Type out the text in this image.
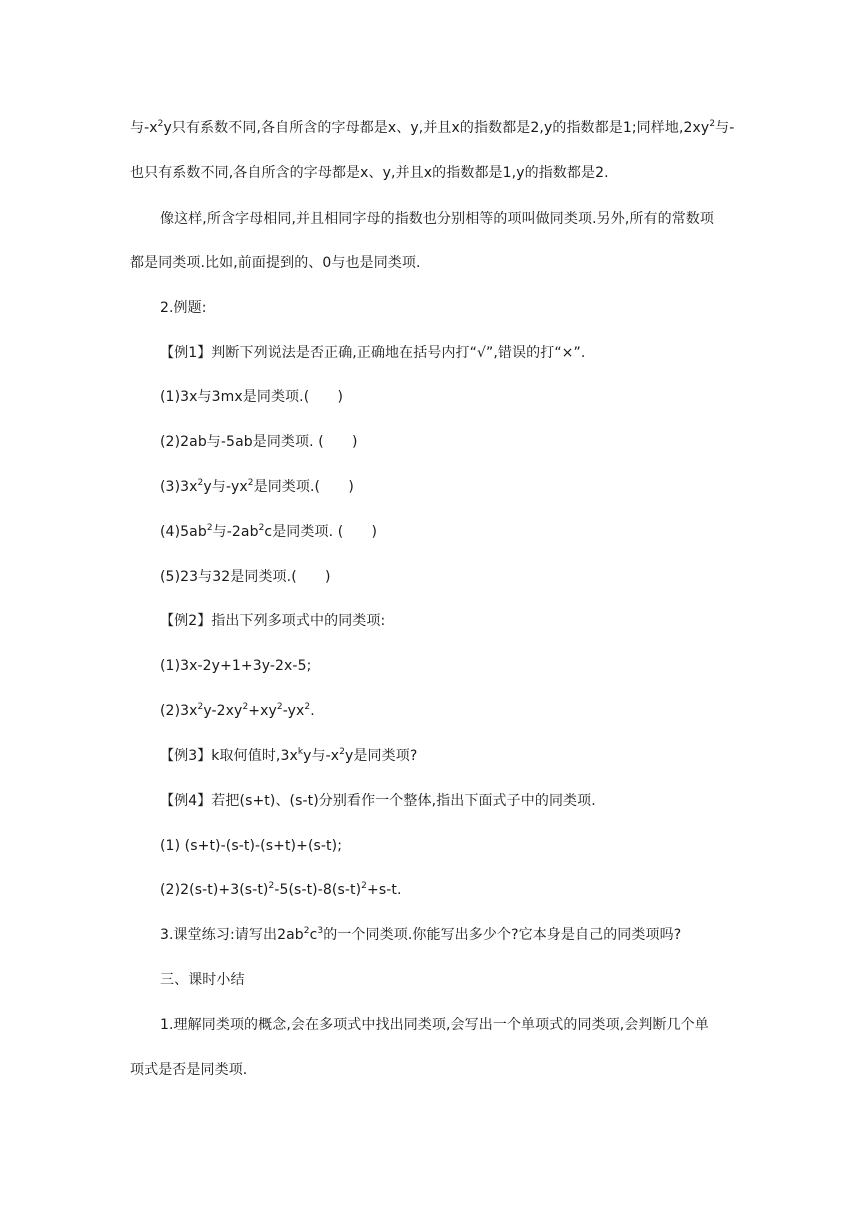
与$-x^2y$只有系数不同,各自所含的字母都是x、y,并且x的指数都是2,y的指数都是1;同样地$,2xy^2$与-
也只有系数不同,各自所含的字母都是x、y,并且x的指数都是1,y的指数都是2.
像这样,所含字母相同,并且相同字母的指数也分别相等的项叫做同类项.另外,所有的常数项
都是同类项.比如,前面提到的、0与也是同类项.
2.例题:
【例1】判断下列说法是否正确,正确地在括号内打“√”,错误的打“×”.
(1)3x与3mx是同类项.(　　)
(2)2ab与-5ab是同类项. (　　)
$(3)3x^2y$与$-yx^2$是同类项.(　　)
$(4)5ab^2$与$-2ab^2c$是同类项. (　　)
(5)23与32是同类项.(　　)
【例2】指出下列多项式中的同类项:
(1)3x-2y+1+3y-2x-5;
$(2)3x^2y-2xy^2+xy^2-yx^2$.
【例3】k取何值时$,3x^ky$与$-x^2y$是同类项?
【例4】若把(s+t)、(s-t)分别看作一个整体,指出下面式子中的同类项.
(1) (s+t)-(s-t)-(s+t)+(s-t);
$(2)2(s-t)+3(s-t)^2-5(s-t)-8(s-t)^2+s-t$.
3.课堂练习:请写出$2ab^2c^3$的一个同类项.你能写出多少个?它本身是自己的同类项吗?
三、课时小结
1.理解同类项的概念,会在多项式中找出同类项,会写出一个单项式的同类项,会判断几个单
项式是否是同类项.
